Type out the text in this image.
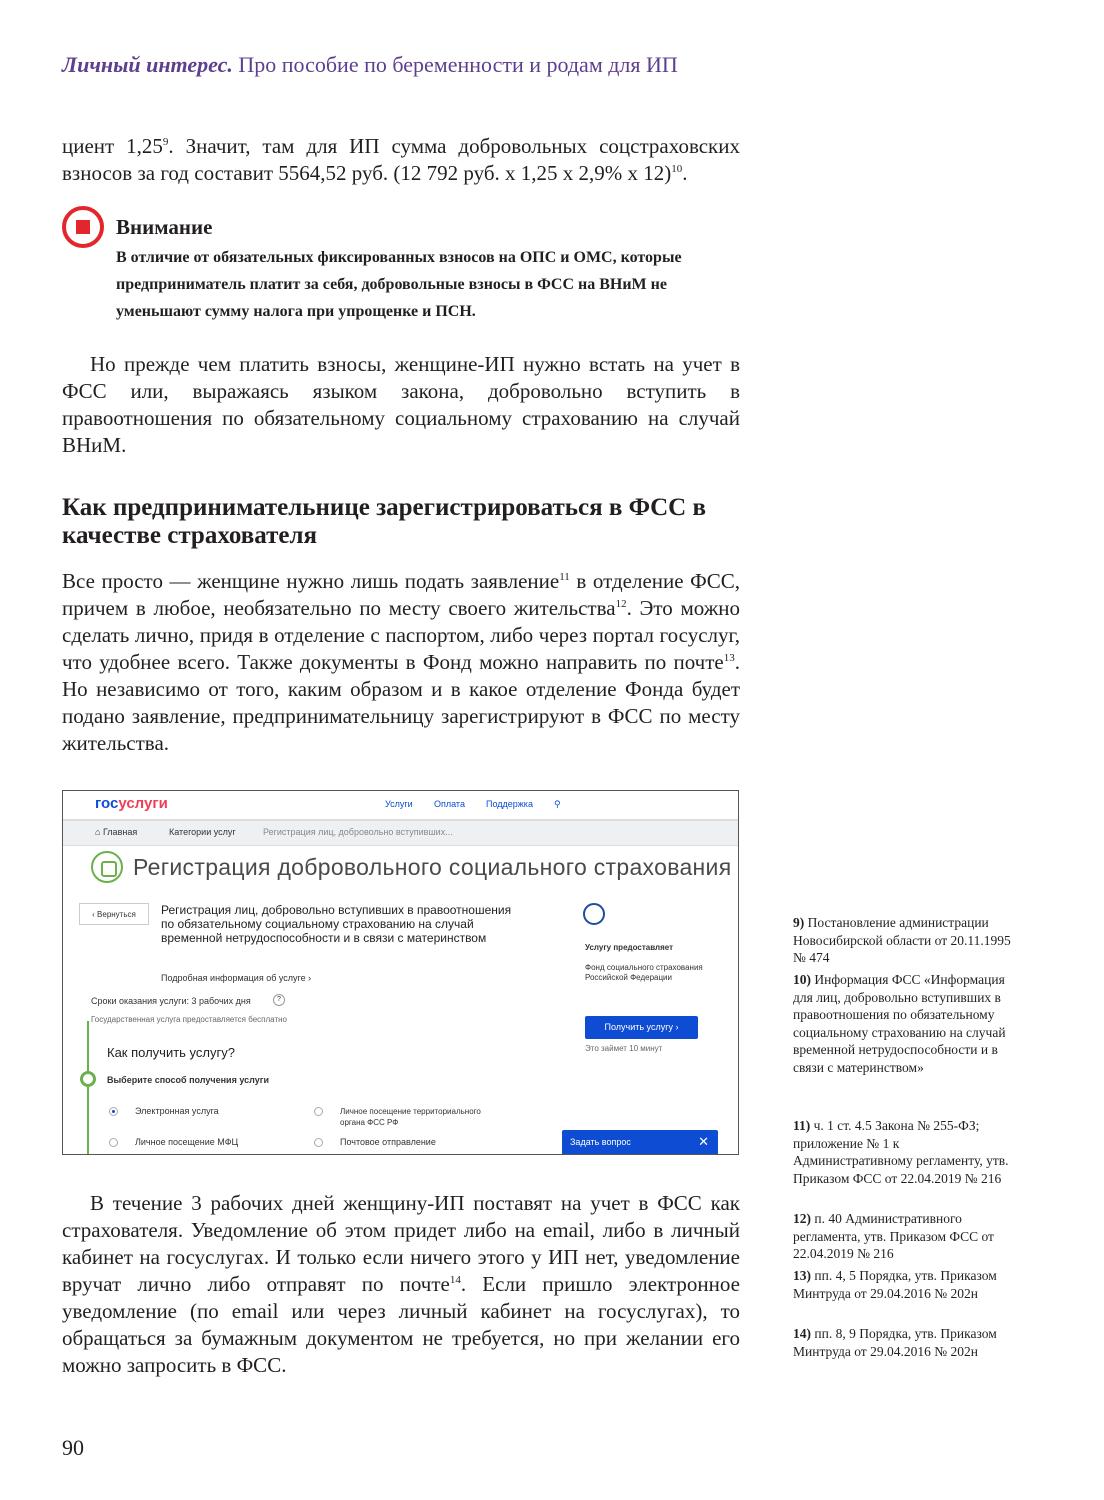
Личный интерес. Про пособие по беременности и родам для ИП

циент 1,25$^9$. Значит, там для ИП сумма добровольных соцстраховских взносов за год составит 5564,52 руб. (12 792 руб. x 1,25 x 2,9% x 12)$^{10}$.

Внимание

В отличие от обязательных фиксированных взносов на ОПС и ОМС, которые предприниматель платит за себя, добровольные взносы в ФСС на ВНиМ не уменьшают сумму налога при упрощенке и ПСН.

Но прежде чем платить взносы, женщине-ИП нужно встать на учет в ФСС или, выражаясь языком закона, добровольно вступить в правоотношения по обязательному социальному страхованию на случай ВНиМ.

Как предпринимательнице зарегистрироваться в ФСС в качестве страхователя

Все просто — женщине нужно лишь подать заявление$^{11}$ в отделение ФСС, причем в любое, необязательно по месту своего жительства$^{12}$. Это можно сделать лично, придя в отделение с паспортом, либо через портал госуслуг, что удобнее всего. Также документы в Фонд можно направить по почте$^{13}$. Но независимо от того, каким образом и в какое отделение Фонда будет подано заявление, предпринимательницу зарегистрируют в ФСС по месту жительства.

госуслуги	Услуги Оплата Поддержка ⚲
⌂ Главная	Категории услуг	Регистрация лиц, добровольно вступивших...
Регистрация добровольного социального страхования
‹ Вернуться	Регистрация лиц, добровольно вступивших в правоотношения по обязательному социальному страхованию на случай временной нетрудоспособности и в связи с материнством

Подробная информация об услуге ›
Сроки оказания услуги: 3 рабочих дня	?
Государственная услуга предоставляется бесплатно
Услугу предоставляет
Фонд социального страхования Российской Федерации
Получить услугу ›
Это займет 10 минут
Как получить услугу?
Выберите способ получения услуги
Электронная услуга	Личное посещение территориального органа ФСС РФ
Личное посещение МФЦ	Почтовое отправление	Задать вопрос	✕

В течение 3 рабочих дней женщину-ИП поставят на учет в ФСС как страхователя. Уведомление об этом придет либо на email, либо в личный кабинет на госуслугах. И только если ничего этого у ИП нет, уведомление вручат лично либо отправят по почте$^{14}$. Если пришло электронное уведомление (по email или через личный кабинет на госуслугах), то обращаться за бумажным документом не требуется, но при желании его можно запросить в ФСС.

9) Постановление администрации Новосибирской области от 20.11.1995 № 474

10) Информация ФСС «Информация для лиц, добровольно вступивших в правоотношения по обязательному социальному страхованию на случай временной нетрудоспособности и в связи с материнством»

11) ч. 1 ст. 4.5 Закона № 255-ФЗ; приложение № 1 к Административному регламенту, утв. Приказом ФСС от 22.04.2019 № 216

12) п. 40 Административного регламента, утв. Приказом ФСС от 22.04.2019 № 216

13) пп. 4, 5 Порядка, утв. Приказом Минтруда от 29.04.2016 № 202н

14) пп. 8, 9 Порядка, утв. Приказом Минтруда от 29.04.2016 № 202н

90
